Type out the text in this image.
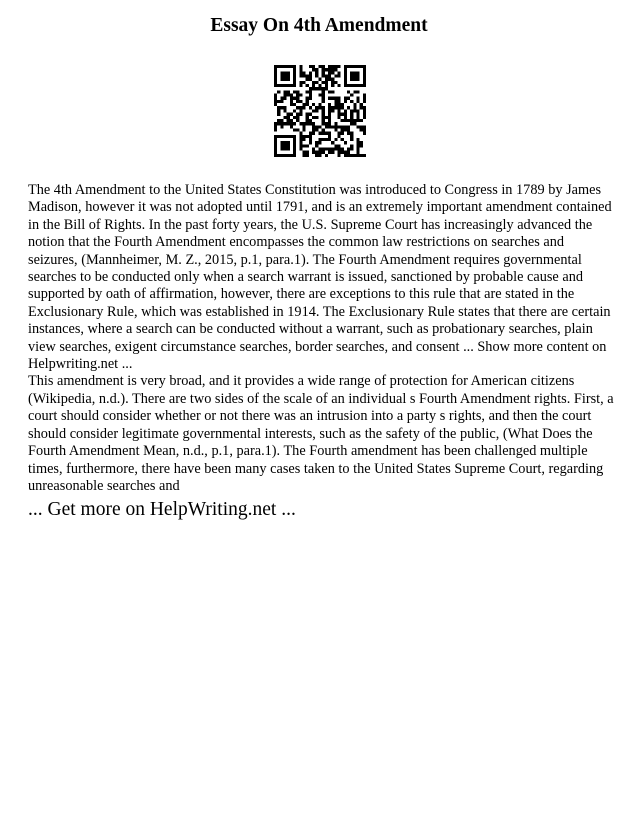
Essay On 4th Amendment

The 4th Amendment to the United States Constitution was introduced to Congress in 1789 by James Madison, however it was not adopted until 1791, and is an extremely important amendment contained in the Bill of Rights. In the past forty years, the U.S. Supreme Court has increasingly advanced the notion that the Fourth Amendment encompasses the common law restrictions on searches and seizures, (Mannheimer, M. Z., 2015, p.1, para.1). The Fourth Amendment requires governmental searches to be conducted only when a search warrant is issued, sanctioned by probable cause and supported by oath of affirmation, however, there are exceptions to this rule that are stated in the Exclusionary Rule, which was established in 1914. The Exclusionary Rule states that there are certain instances, where a search can be conducted without a warrant, such as probationary searches, plain view searches, exigent circumstance searches, border searches, and consent ... Show more content on Helpwriting.net ...

This amendment is very broad, and it provides a wide range of protection for American citizens (Wikipedia, n.d.). There are two sides of the scale of an individual s Fourth Amendment rights. First, a court should consider whether or not there was an intrusion into a party s rights, and then the court should consider legitimate governmental interests, such as the safety of the public, (What Does the Fourth Amendment Mean, n.d., p.1, para.1). The Fourth amendment has been challenged multiple times, furthermore, there have been many cases taken to the United States Supreme Court, regarding unreasonable searches and

... Get more on HelpWriting.net ...
